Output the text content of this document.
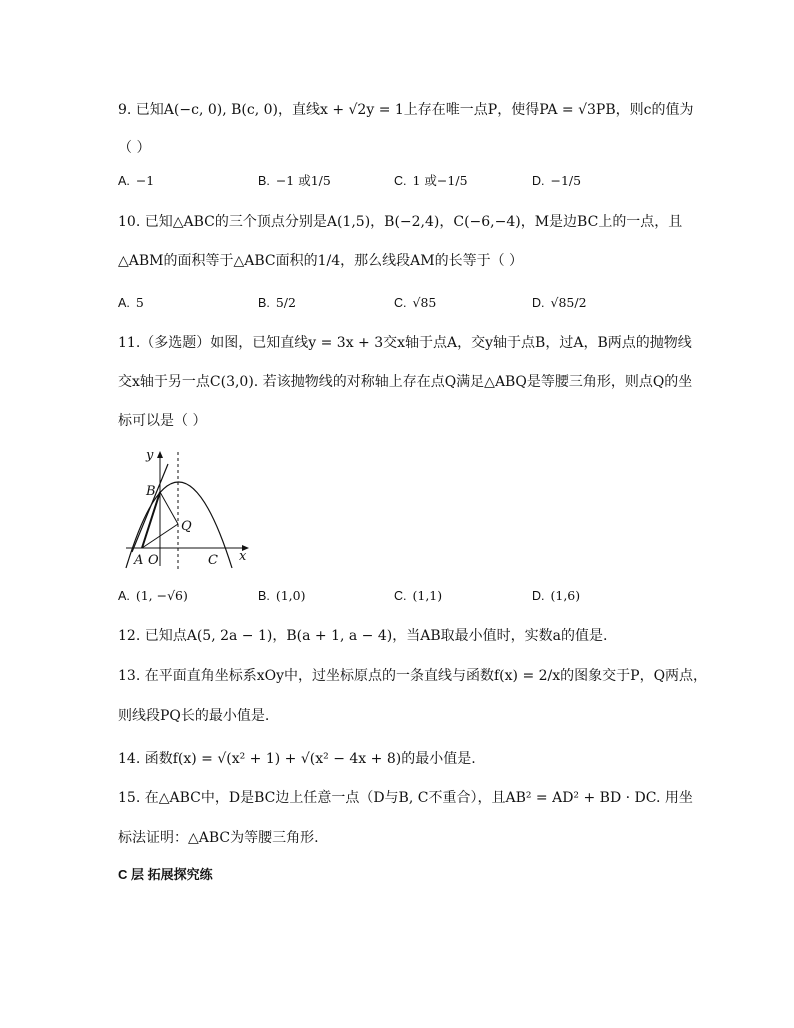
9. 已知A(−c, 0), B(c, 0)，直线x + √2y = 1上存在唯一点P，使得PA = √3PB，则c的值为
（ ）
A. −1	B. −1 或1/5	C. 1 或−1/5	D. −1/5
10. 已知△ABC的三个顶点分别是A(1,5)，B(−2,4)，C(−6,−4)，M是边BC上的一点，且
△ABM的面积等于△ABC面积的1/4，那么线段AM的长等于（ ）
A. 5	B. 5/2	C. √85	D. √85/2
11.（多选题）如图，已知直线y = 3x + 3交x轴于点A，交y轴于点B，过A，B两点的抛物线
交x轴于另一点C(3,0). 若该抛物线的对称轴上存在点Q满足△ABQ是等腰三角形，则点Q的坐
标可以是（ ）
y
x
B
Q
A O	C
A. (1, −√6)	B. (1,0)	C. (1,1)	D. (1,6)
12. 已知点A(5, 2a − 1)，B(a + 1, a − 4)，当AB取最小值时，实数a的值是.
13. 在平面直角坐标系xOy中，过坐标原点的一条直线与函数f(x) = 2/x的图象交于P，Q两点，
则线段PQ长的最小值是.
14. 函数f(x) = √(x² + 1) + √(x² − 4x + 8)的最小值是.
15. 在△ABC中，D是BC边上任意一点（D与B, C不重合），且AB² = AD² + BD · DC. 用坐
标法证明：△ABC为等腰三角形.
C 层 拓展探究练
